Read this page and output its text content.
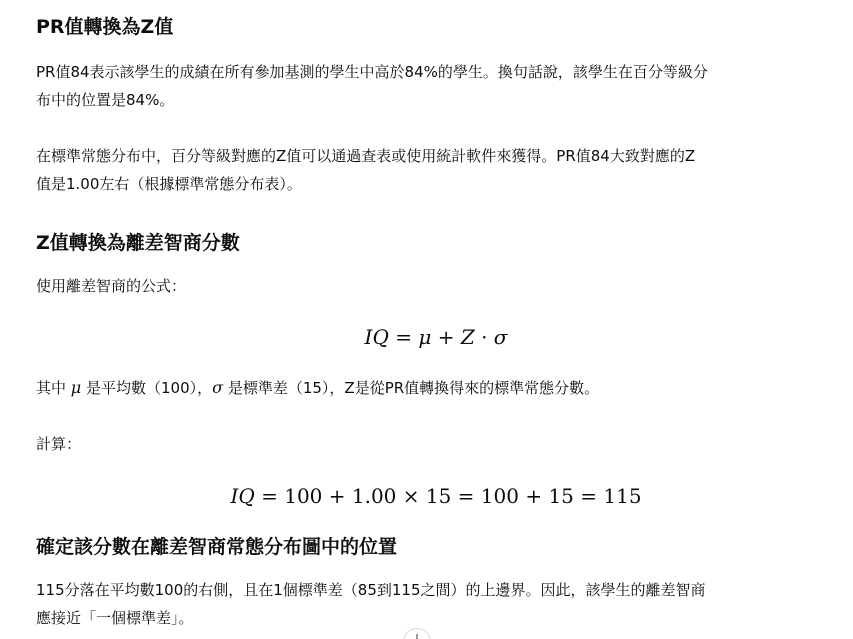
PR值轉換為Z值

PR值84表示該學生的成績在所有參加基測的學生中高於84%的學生。換句話說，該學生在百分等級分
布中的位置是84%。

在標準常態分布中，百分等級對應的Z值可以通過查表或使用統計軟件來獲得。PR值84大致對應的Z
值是1.00左右（根據標準常態分布表）。

Z值轉換為離差智商分數

使用離差智商的公式：

IQ = μ + Z · σ

其中 μ 是平均數（100），σ 是標準差（15），Z是從PR值轉換得來的標準常態分數。

計算：

IQ = 100 + 1.00 × 15 = 100 + 15 = 115
確定該分數在離差智商常態分布圖中的位置

115分落在平均數100的右側，且在1個標準差（85到115之間）的上邊界。因此，該學生的離差智商
應接近「一個標準差」。
